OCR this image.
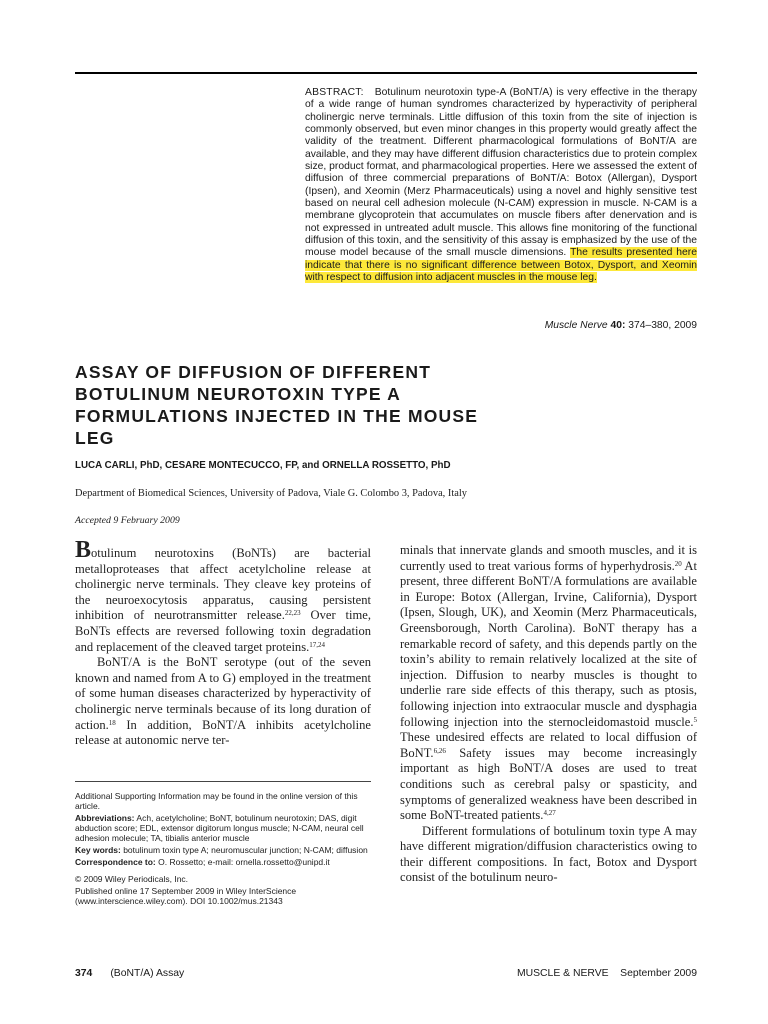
ABSTRACT: Botulinum neurotoxin type-A (BoNT/A) is very effective in the therapy of a wide range of human syndromes characterized by hyperactivity of peripheral cholinergic nerve terminals. Little diffusion of this toxin from the site of injection is commonly observed, but even minor changes in this property would greatly affect the validity of the treatment. Different pharmacological formulations of BoNT/A are available, and they may have different diffusion characteristics due to protein complex size, product format, and pharmacological properties. Here we assessed the extent of diffusion of three commercial preparations of BoNT/A: Botox (Allergan), Dysport (Ipsen), and Xeomin (Merz Pharmaceuticals) using a novel and highly sensitive test based on neural cell adhesion molecule (N-CAM) expression in muscle. N-CAM is a membrane glycoprotein that accumulates on muscle fibers after denervation and is not expressed in untreated adult muscle. This allows fine monitoring of the functional diffusion of this toxin, and the sensitivity of this assay is emphasized by the use of the mouse model because of the small muscle dimensions. The results presented here indicate that there is no significant difference between Botox, Dysport, and Xeomin with respect to diffusion into adjacent muscles in the mouse leg.
Muscle Nerve 40: 374–380, 2009
ASSAY OF DIFFUSION OF DIFFERENT BOTULINUM NEUROTOXIN TYPE A FORMULATIONS INJECTED IN THE MOUSE LEG
LUCA CARLI, PhD, CESARE MONTECUCCO, FP, and ORNELLA ROSSETTO, PhD
Department of Biomedical Sciences, University of Padova, Viale G. Colombo 3, Padova, Italy
Accepted 9 February 2009

Botulinum neurotoxins (BoNTs) are bacterial metalloproteases that affect acetylcholine release at cholinergic nerve terminals. They cleave key proteins of the neuroexocytosis apparatus, causing persistent inhibition of neurotransmitter release.$^{22,23}$ Over time, BoNTs effects are reversed following toxin degradation and replacement of the cleaved target proteins.$^{17,24}$

BoNT/A is the BoNT serotype (out of the seven known and named from A to G) employed in the treatment of some human diseases characterized by hyperactivity of cholinergic nerve terminals because of its long duration of action.$^{18}$ In addition, BoNT/A inhibits acetylcholine release at autonomic nerve ter-

Additional Supporting Information may be found in the online version of this article.

Abbreviations: Ach, acetylcholine; BoNT, botulinum neurotoxin; DAS, digit abduction score; EDL, extensor digitorum longus muscle; N-CAM, neural cell adhesion molecule; TA, tibialis anterior muscle

Key words: botulinum toxin type A; neuromuscular junction; N-CAM; diffusion

Correspondence to: O. Rossetto; e-mail: ornella.rossetto@unipd.it

© 2009 Wiley Periodicals, Inc.

Published online 17 September 2009 in Wiley InterScience (www.interscience.wiley.com). DOI 10.1002/mus.21343

minals that innervate glands and smooth muscles, and it is currently used to treat various forms of hyperhydrosis.$^{20}$ At present, three different BoNT/A formulations are available in Europe: Botox (Allergan, Irvine, California), Dysport (Ipsen, Slough, UK), and Xeomin (Merz Pharmaceuticals, Greensborough, North Carolina). BoNT therapy has a remarkable record of safety, and this depends partly on the toxin’s ability to remain relatively localized at the site of injection. Diffusion to nearby muscles is thought to underlie rare side effects of this therapy, such as ptosis, following injection into extraocular muscle and dysphagia following injection into the sternocleidomastoid muscle.$^5$ These undesired effects are related to local diffusion of BoNT.$^{6,26}$ Safety issues may become increasingly important as high BoNT/A doses are used to treat conditions such as cerebral palsy or spasticity, and symptoms of generalized weakness have been described in some BoNT-treated patients.$^{4,27}$

Different formulations of botulinum toxin type A may have different migration/diffusion characteristics owing to their different compositions. In fact, Botox and Dysport consist of the botulinum neuro-

374 (BoNT/A) Assay	MUSCLE & NERVE September 2009
